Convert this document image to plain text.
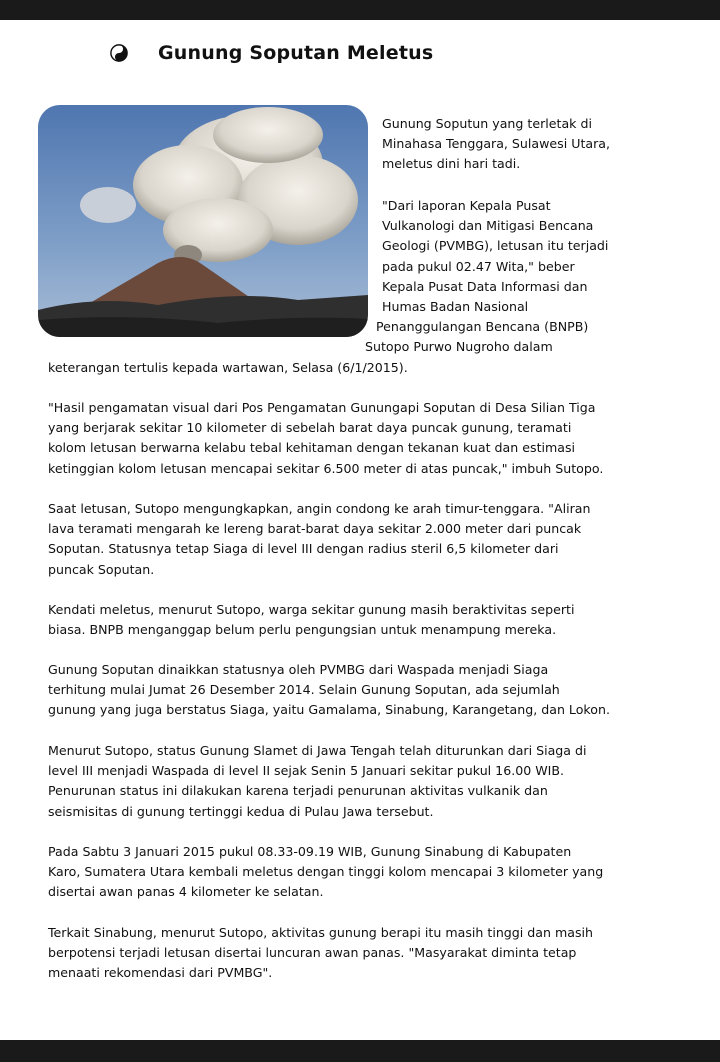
Gunung Soputan Meletus

Gunung Soputun yang terletak di
Minahasa Tenggara, Sulawesi Utara,
meletus dini hari tadi.

"Dari laporan Kepala Pusat
Vulkanologi dan Mitigasi Bencana
Geologi (PVMBG), letusan itu terjadi
pada pukul 02.47 Wita," beber
Kepala Pusat Data Informasi dan
Humas Badan Nasional
Penanggulangan Bencana (BNPB)
Sutopo Purwo Nugroho dalam
keterangan tertulis kepada wartawan, Selasa (6/1/2015).

"Hasil pengamatan visual dari Pos Pengamatan Gunungapi Soputan di Desa Silian Tiga
yang berjarak sekitar 10 kilometer di sebelah barat daya puncak gunung, teramati
kolom letusan berwarna kelabu tebal kehitaman dengan tekanan kuat dan estimasi
ketinggian kolom letusan mencapai sekitar 6.500 meter di atas puncak," imbuh Sutopo.

Saat letusan, Sutopo mengungkapkan, angin condong ke arah timur-tenggara. "Aliran
lava teramati mengarah ke lereng barat-barat daya sekitar 2.000 meter dari puncak
Soputan. Statusnya tetap Siaga di level III dengan radius steril 6,5 kilometer dari
puncak Soputan.

Kendati meletus, menurut Sutopo, warga sekitar gunung masih beraktivitas seperti
biasa. BNPB menganggap belum perlu pengungsian untuk menampung mereka.

Gunung Soputan dinaikkan statusnya oleh PVMBG dari Waspada menjadi Siaga
terhitung mulai Jumat 26 Desember 2014. Selain Gunung Soputan, ada sejumlah
gunung yang juga berstatus Siaga, yaitu Gamalama, Sinabung, Karangetang, dan Lokon.

Menurut Sutopo, status Gunung Slamet di Jawa Tengah telah diturunkan dari Siaga di
level III menjadi Waspada di level II sejak Senin 5 Januari sekitar pukul 16.00 WIB.
Penurunan status ini dilakukan karena terjadi penurunan aktivitas vulkanik dan
seismisitas di gunung tertinggi kedua di Pulau Jawa tersebut.

Pada Sabtu 3 Januari 2015 pukul 08.33-09.19 WIB, Gunung Sinabung di Kabupaten
Karo, Sumatera Utara kembali meletus dengan tinggi kolom mencapai 3 kilometer yang
disertai awan panas 4 kilometer ke selatan.

Terkait Sinabung, menurut Sutopo, aktivitas gunung berapi itu masih tinggi dan masih
berpotensi terjadi letusan disertai luncuran awan panas. "Masyarakat diminta tetap
menaati rekomendasi dari PVMBG".
